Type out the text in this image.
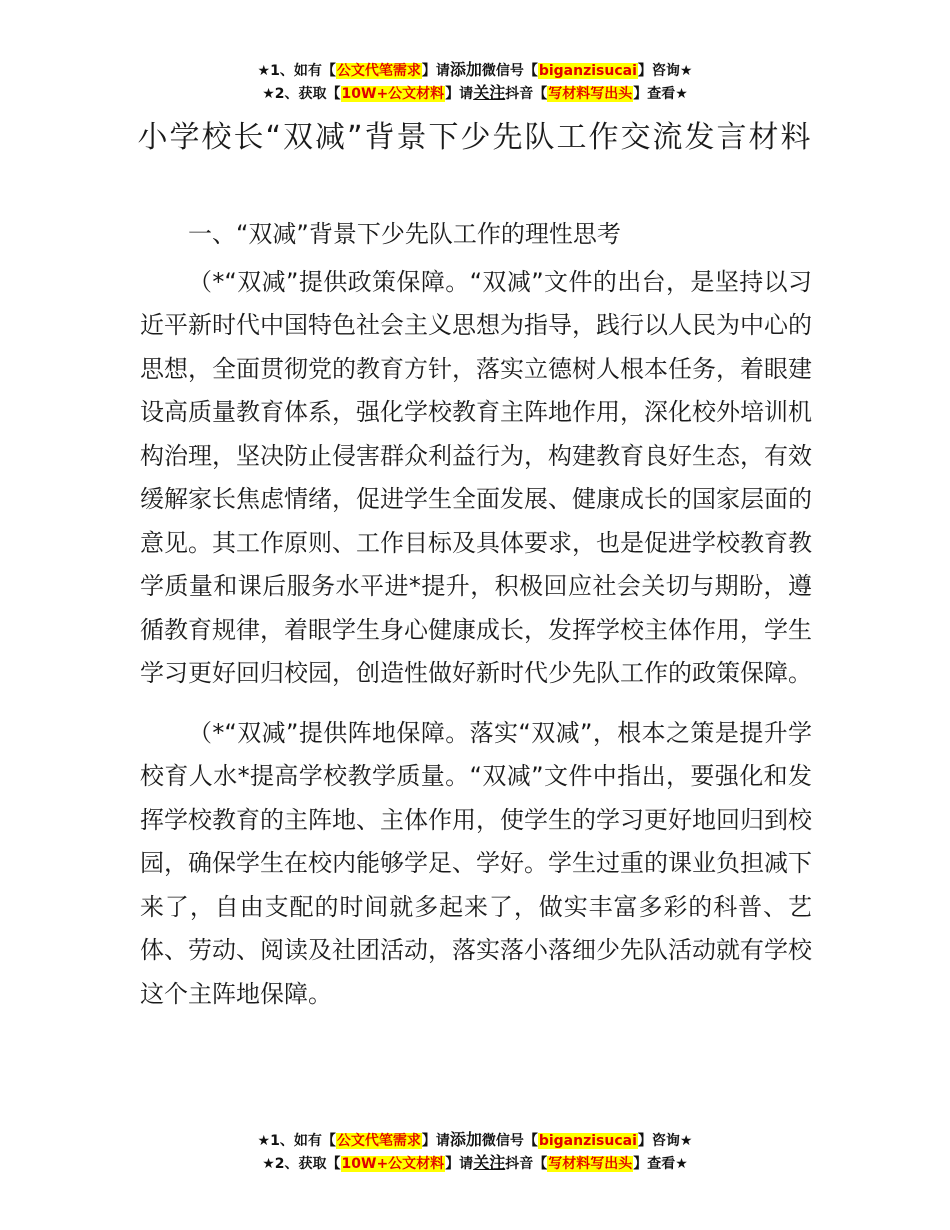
★1、如有【公文代笔需求】请添加微信号【biganzisucai】咨询★
★2、获取【10W+公文材料】请关注抖音【写材料写出头】查看★
小学校长“双减”背景下少先队工作交流发言材料

一、“双减”背景下少先队工作的理性思考

（*“双减”提供政策保障。“双减”文件的出台，是坚持以习近平新时代中国特色社会主义思想为指导，践行以人民为中心的思想，全面贯彻党的教育方针，落实立德树人根本任务，着眼建设高质量教育体系，强化学校教育主阵地作用，深化校外培训机构治理，坚决防止侵害群众利益行为，构建教育良好生态，有效缓解家长焦虑情绪，促进学生全面发展、健康成长的国家层面的意见。其工作原则、工作目标及具体要求，也是促进学校教育教学质量和课后服务水平进*提升，积极回应社会关切与期盼，遵循教育规律，着眼学生身心健康成长，发挥学校主体作用，学生学习更好回归校园，创造性做好新时代少先队工作的政策保障。

（*“双减”提供阵地保障。落实“双减”，根本之策是提升学校育人水*提高学校教学质量。“双减”文件中指出，要强化和发挥学校教育的主阵地、主体作用，使学生的学习更好地回归到校园，确保学生在校内能够学足、学好。学生过重的课业负担减下来了，自由支配的时间就多起来了，做实丰富多彩的科普、艺体、劳动、阅读及社团活动，落实落小落细少先队活动就有学校这个主阵地保障。

★1、如有【公文代笔需求】请添加微信号【biganzisucai】咨询★
★2、获取【10W+公文材料】请关注抖音【写材料写出头】查看★
